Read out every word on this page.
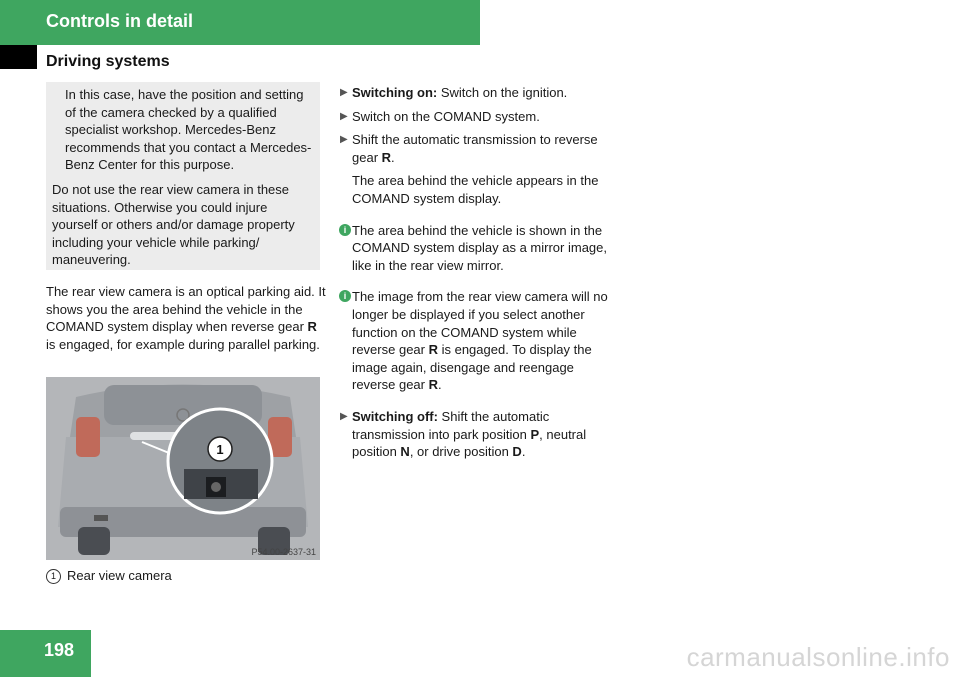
Controls in detail
Driving systems

In this case, have the position and setting of the camera checked by a qualified specialist workshop. Mercedes-Benz recommends that you contact a Mercedes-Benz Center for this purpose.

Do not use the rear view camera in these situations. Otherwise you could injure yourself or others and/or damage property including your vehicle while parking/ maneuvering.

The rear view camera is an optical parking aid. It shows you the area behind the vehicle in the COMAND system display when reverse gear R is engaged, for example during parallel parking.

1
P54.00-2637-31
1 Rear view camera
▶ Switching on: Switch on the ignition.
▶ Switch on the COMAND system.
▶ Shift the automatic transmission to reverse gear R.
The area behind the vehicle appears in the COMAND system display.
i The area behind the vehicle is shown in the COMAND system display as a mirror image, like in the rear view mirror.
i The image from the rear view camera will no longer be displayed if you select another function on the COMAND system while reverse gear R is engaged. To display the image again, disengage and reengage reverse gear R.
▶ Switching off: Shift the automatic transmission into park position P, neutral position N, or drive position D.
198	carmanualsonline.info
